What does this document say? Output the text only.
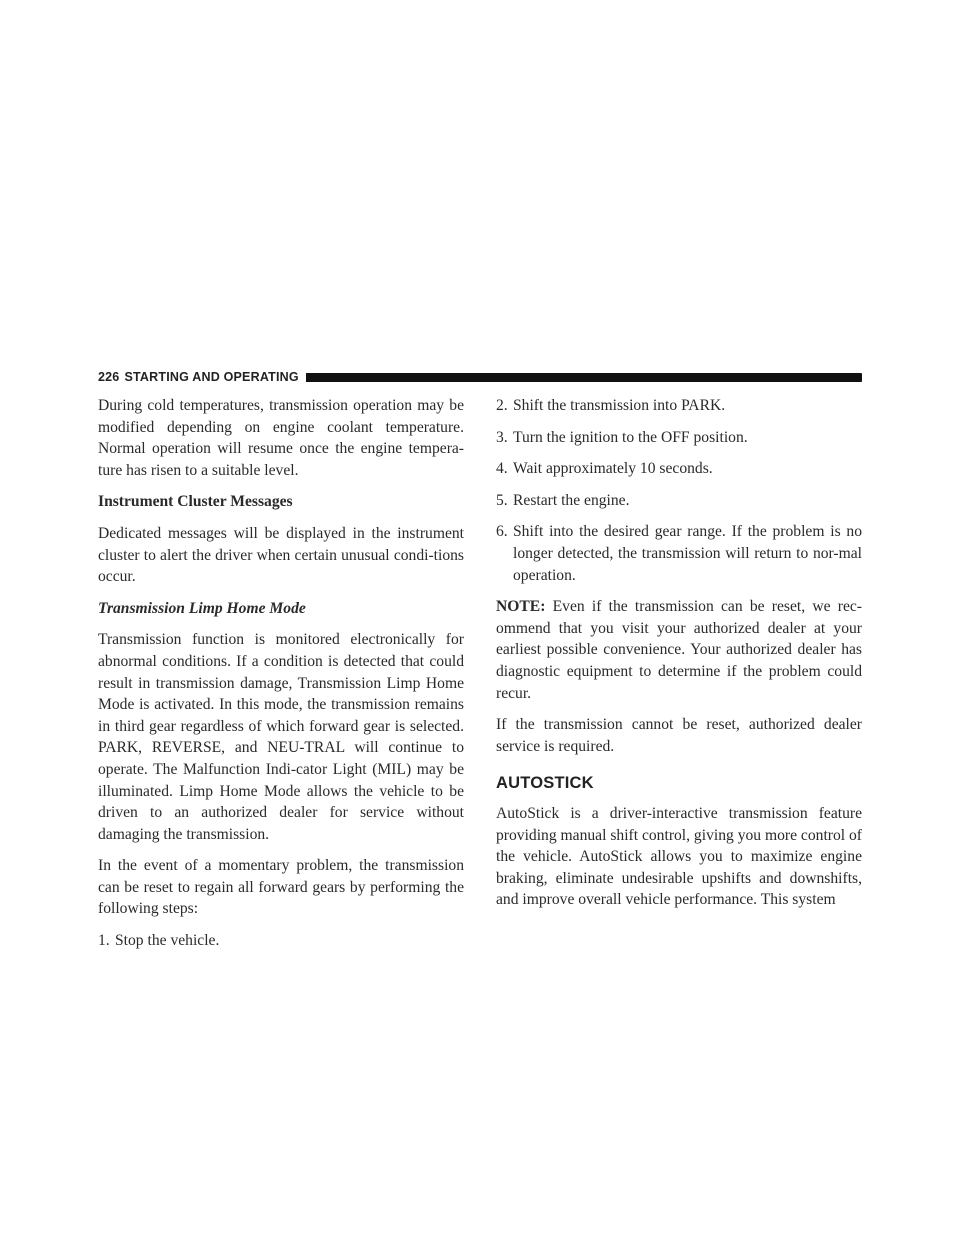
226 STARTING AND OPERATING

During cold temperatures, transmission operation may be modified depending on engine coolant temperature. Normal operation will resume once the engine tempera-ture has risen to a suitable level.

Instrument Cluster Messages

Dedicated messages will be displayed in the instrument cluster to alert the driver when certain unusual condi-tions occur.

Transmission Limp Home Mode

Transmission function is monitored electronically for abnormal conditions. If a condition is detected that could result in transmission damage, Transmission Limp Home Mode is activated. In this mode, the transmission remains in third gear regardless of which forward gear is selected. PARK, REVERSE, and NEU-TRAL will continue to operate. The Malfunction Indi-cator Light (MIL) may be illuminated. Limp Home Mode allows the vehicle to be driven to an authorized dealer for service without damaging the transmission.

In the event of a momentary problem, the transmission can be reset to regain all forward gears by performing the following steps:

1. Stop the vehicle.
2. Shift the transmission into PARK.
3. Turn the ignition to the OFF position.
4. Wait approximately 10 seconds.
5. Restart the engine.
6. Shift into the desired gear range. If the problem is no longer detected, the transmission will return to nor-mal operation.

NOTE: Even if the transmission can be reset, we rec-ommend that you visit your authorized dealer at your earliest possible convenience. Your authorized dealer has diagnostic equipment to determine if the problem could recur.

If the transmission cannot be reset, authorized dealer service is required.

AUTOSTICK

AutoStick is a driver-interactive transmission feature providing manual shift control, giving you more control of the vehicle. AutoStick allows you to maximize engine braking, eliminate undesirable upshifts and downshifts, and improve overall vehicle performance. This system
